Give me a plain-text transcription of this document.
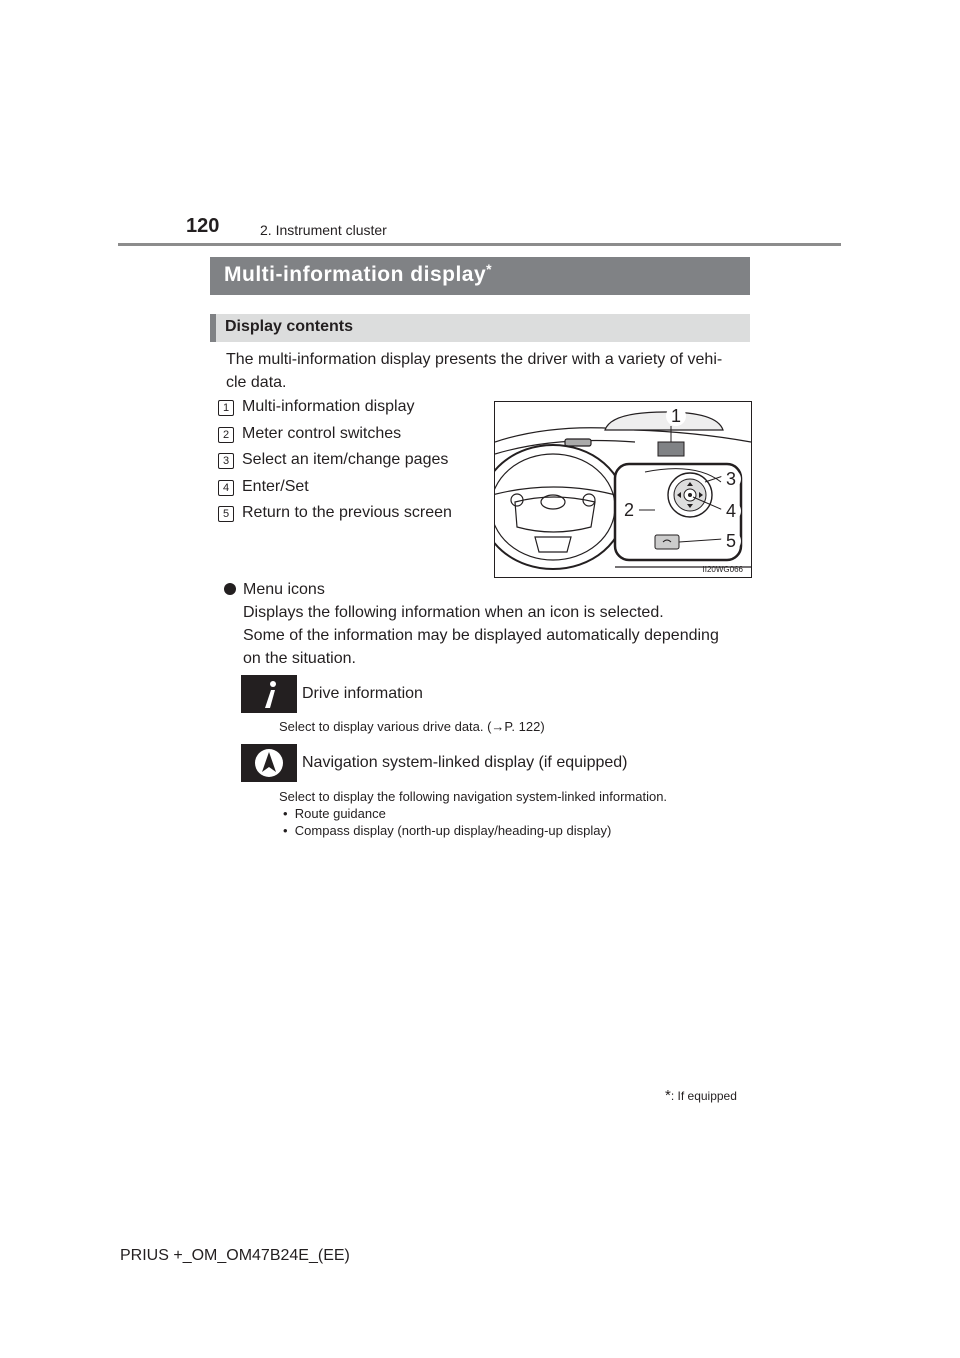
120	2. Instrument cluster
Multi-information display *
Display contents
The multi-information display presents the driver with a variety of vehi-
cle data.
1 Multi-information display
2 Meter control switches
3 Select an item/change pages
4 Enter/Set
5 Return to the previous screen
1
2
3
4
5
II20WG066
Menu icons
Displays the following information when an icon is selected.
Some of the information may be displayed automatically depending
on the situation.
Drive information
Select to display various drive data. (→P. 122)
Navigation system-linked display (if equipped)
Select to display the following navigation system-linked information.
•  Route guidance
•  Compass display (north-up display/heading-up display)
*: If equipped
PRIUS +_OM_OM47B24E_(EE)
